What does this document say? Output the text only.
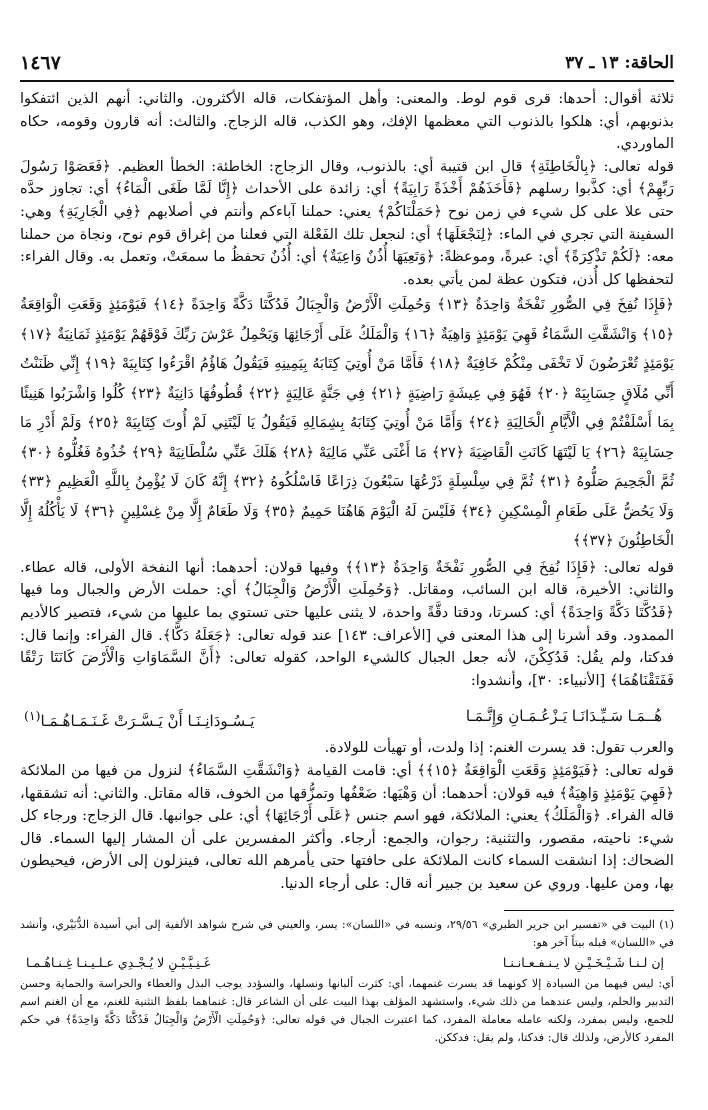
الحاقة: ١٣ ـ ٣٧
١٤٦٧

ثلاثة أقوال: أحدها: قرى قوم لوط. والمعنى: وأهل المؤتفكات، قاله الأكثرون. والثاني: أنهم الذين ائتفكوا بذنوبهم، أي: هلكوا بالذنوب التي معظمها الإفك، وهو الكذب، قاله الزجاج. والثالث: أنه قارون وقومه، حكاه الماوردي.

قوله تعالى: ﴿بِالْخَاطِئَةِ﴾ قال ابن قتيبة أي: بالذنوب، وقال الزجاج: الخاطئة: الخطأ العظيم. ﴿فَعَصَوْا رَسُولَ رَبِّهِمْ﴾ أي: كذَّبوا رسلهم ﴿فَأَخَذَهُمْ أَخْذَةً رَابِيَةً﴾ أي: زائدة على الأحداث ﴿إِنَّا لَمَّا طَغَى الْمَاءُ﴾ أي: تجاوز حدَّه حتى علا على كل شيء في زمن نوح ﴿حَمَلْنَاكُمْ﴾ يعني: حملنا آباءكم وأنتم في أصلابهم ﴿فِي الْجَارِيَةِ﴾ وهي: السفينة التي تجري في الماء: ﴿لِنَجْعَلَهَا﴾ أي: لنجعل تلك الفَعْلة التي فعلنا من إغراق قوم نوح، ونجاة من حملنا معه: ﴿لَكُمْ تَذْكِرَةً﴾ أي: عبرةً، وموعظةً: ﴿وَتَعِيَهَا أُذُنٌ وَاعِيَةٌ﴾ أي: أُذُنٌ تحفظُ ما سمعَتْ، وتعمل به. وقال الفراء: لتحفظها كل أُذن، فتكون عظة لمن يأتي بعده.

﴿فَإِذَا نُفِخَ فِي الصُّورِ نَفْخَةٌ وَاحِدَةٌ ﴿١٣﴾ وَحُمِلَتِ الْأَرْضُ وَالْجِبَالُ فَدُكَّتَا دَكَّةً وَاحِدَةً ﴿١٤﴾ فَيَوْمَئِذٍ وَقَعَتِ الْوَاقِعَةُ ﴿١٥﴾ وَانْشَقَّتِ السَّمَاءُ فَهِيَ يَوْمَئِذٍ وَاهِيَةٌ ﴿١٦﴾ وَالْمَلَكُ عَلَى أَرْجَائِهَا وَيَحْمِلُ عَرْشَ رَبِّكَ فَوْقَهُمْ يَوْمَئِذٍ ثَمَانِيَةٌ ﴿١٧﴾ يَوْمَئِذٍ تُعْرَضُونَ لَا تَخْفَى مِنْكُمْ خَافِيَةٌ ﴿١٨﴾ فَأَمَّا مَنْ أُوتِيَ كِتَابَهُ بِيَمِينِهِ فَيَقُولُ هَاؤُمُ اقْرَءُوا كِتَابِيَهْ ﴿١٩﴾ إِنِّي ظَنَنْتُ أَنِّي مُلَاقٍ حِسَابِيَهْ ﴿٢٠﴾ فَهُوَ فِي عِيشَةٍ رَاضِيَةٍ ﴿٢١﴾ فِي جَنَّةٍ عَالِيَةٍ ﴿٢٢﴾ قُطُوفُهَا دَانِيَةٌ ﴿٢٣﴾ كُلُوا وَاشْرَبُوا هَنِيئًا بِمَا أَسْلَفْتُمْ فِي الْأَيَّامِ الْخَالِيَةِ ﴿٢٤﴾ وَأَمَّا مَنْ أُوتِيَ كِتَابَهُ بِشِمَالِهِ فَيَقُولُ يَا لَيْتَنِي لَمْ أُوتَ كِتَابِيَهْ ﴿٢٥﴾ وَلَمْ أَدْرِ مَا حِسَابِيَهْ ﴿٢٦﴾ يَا لَيْتَهَا كَانَتِ الْقَاضِيَةَ ﴿٢٧﴾ مَا أَغْنَى عَنِّي مَالِيَهْ ﴿٢٨﴾ هَلَكَ عَنِّي سُلْطَانِيَهْ ﴿٢٩﴾ خُذُوهُ فَغُلُّوهُ ﴿٣٠﴾ ثُمَّ الْجَحِيمَ صَلُّوهُ ﴿٣١﴾ ثُمَّ فِي سِلْسِلَةٍ ذَرْعُهَا سَبْعُونَ ذِرَاعًا فَاسْلُكُوهُ ﴿٣٢﴾ إِنَّهُ كَانَ لَا يُؤْمِنُ بِاللَّهِ الْعَظِيمِ ﴿٣٣﴾ وَلَا يَحُضُّ عَلَى طَعَامِ الْمِسْكِينِ ﴿٣٤﴾ فَلَيْسَ لَهُ الْيَوْمَ هَاهُنَا حَمِيمٌ ﴿٣٥﴾ وَلَا طَعَامٌ إِلَّا مِنْ غِسْلِينٍ ﴿٣٦﴾ لَا يَأْكُلُهُ إِلَّا الْخَاطِئُونَ ﴿٣٧﴾﴾

قوله تعالى: ﴿فَإِذَا نُفِخَ فِي الصُّورِ نَفْخَةٌ وَاحِدَةٌ ﴿١٣﴾﴾ وفيها قولان: أحدهما: أنها النفخة الأولى، قاله عطاء. والثاني: الأخيرة، قاله ابن السائب، ومقاتل. ﴿وَحُمِلَتِ الْأَرْضُ وَالْجِبَالُ﴾ أي: حملت الأرض والجبال وما فيها ﴿فَدُكَّتَا دَكَّةً وَاحِدَةً﴾ أي: كسرتا، ودقتا دقَّةً واحدة، لا يثنى عليها حتى تستوي بما عليها من شيء، فتصير كالأديم الممدود. وقد أشرنا إلى هذا المعنى في [الأعراف: ١٤٣] عند قوله تعالى: ﴿جَعَلَهُ دَكًّا﴾. قال الفراء: وإنما قال: فدكتا، ولم يقُل: فَدُكِكْنَ، لأنه جعل الجبال كالشيء الواحد، كقوله تعالى: ﴿أَنَّ السَّمَاوَاتِ وَالْأَرْضَ كَانَتَا رَتْقًا فَفَتَقْنَاهُمَا﴾ [الأنبياء: ٣٠]، وأنشدوا:

هُــمَـا سَـيِّـدَانَـا يَـزْعُـمَـانِ وَإِنَّـمَـا
يَـسُـودَانِـنَـا أَنْ يَـسَّـرَتْ غَـنَـمَـاهُـمَـا$^{(١)}$

والعرب تقول: قد يسرت الغنم: إذا ولدت، أو تهيأت للولادة.

قوله تعالى: ﴿فَيَوْمَئِذٍ وَقَعَتِ الْوَاقِعَةُ ﴿١٥﴾﴾ أي: قامت القيامة ﴿وَانْشَقَّتِ السَّمَاءُ﴾ لنزول من فيها من الملائكة ﴿فَهِيَ يَوْمَئِذٍ وَاهِيَةٌ﴾ فيه قولان: أحدهما: أن وَهْيَها: ضَعْفُها وتمزُّقها من الخوف، قاله مقاتل. والثاني: أنه تشققها، قاله الفراء. ﴿وَالْمَلَكُ﴾ يعني: الملائكة، فهو اسم جنس ﴿عَلَى أَرْجَائِهَا﴾ أي: على جوانبها. قال الزجاج: ورجاء كل شيء: ناحيته، مقصور، والتثنية: رجوان، والجمع: أرجاء. وأكثر المفسرين على أن المشار إليها السماء. قال الضحاك: إذا انشقت السماء كانت الملائكة على حافتها حتى يأمرهم الله تعالى، فينزلون إلى الأرض، فيحيطون بها، ومن عليها. وروي عن سعيد بن جبير أنه قال: على أرجاء الدنيا.

(١) البيت في «تفسير ابن جرير الطبري» ٢٩/٥٦، ونسبه في «اللسان»: يسر، والعيني في شرح شواهد الألفية إلى أبي أسيدة الدُّبَيْري، وأنشد في «اللسان» قبله بيتاً آخر هو:

إن لـنـا شَـيْـخَـيْـنِ لا يـنـفـعـانـنـا
غَـنِـيَّـيْـنِ لا يُـجْـدِي عـلـيـنـا غِـنـاهُـمـا

أي: ليس فيهما من السيادة إلا كونهما قد يسرت غنمهما، أي: كثرت ألبانها ونسلها، والسؤدد يوجب البذل والعطاء والحراسة والحماية وحسن التدبير والحلم، وليس عندهما من ذلك شيء، واستشهد المؤلف بهذا البيت على أن الشاعر قال: غنماهما بلفظ التثنية للغنم، مع أن الغنم اسم للجمع، وليس بمفرد، ولكنه عامله معاملة المفرد، كما اعتبرت الجبال في قوله تعالى: ﴿وَحُمِلَتِ الْأَرْضُ وَالْجِبَالُ فَدُكَّتَا دَكَّةً وَاحِدَةً﴾ في حكم المفرد كالأرض، ولذلك قال: فدكتا، ولم يقل: فدككن.
